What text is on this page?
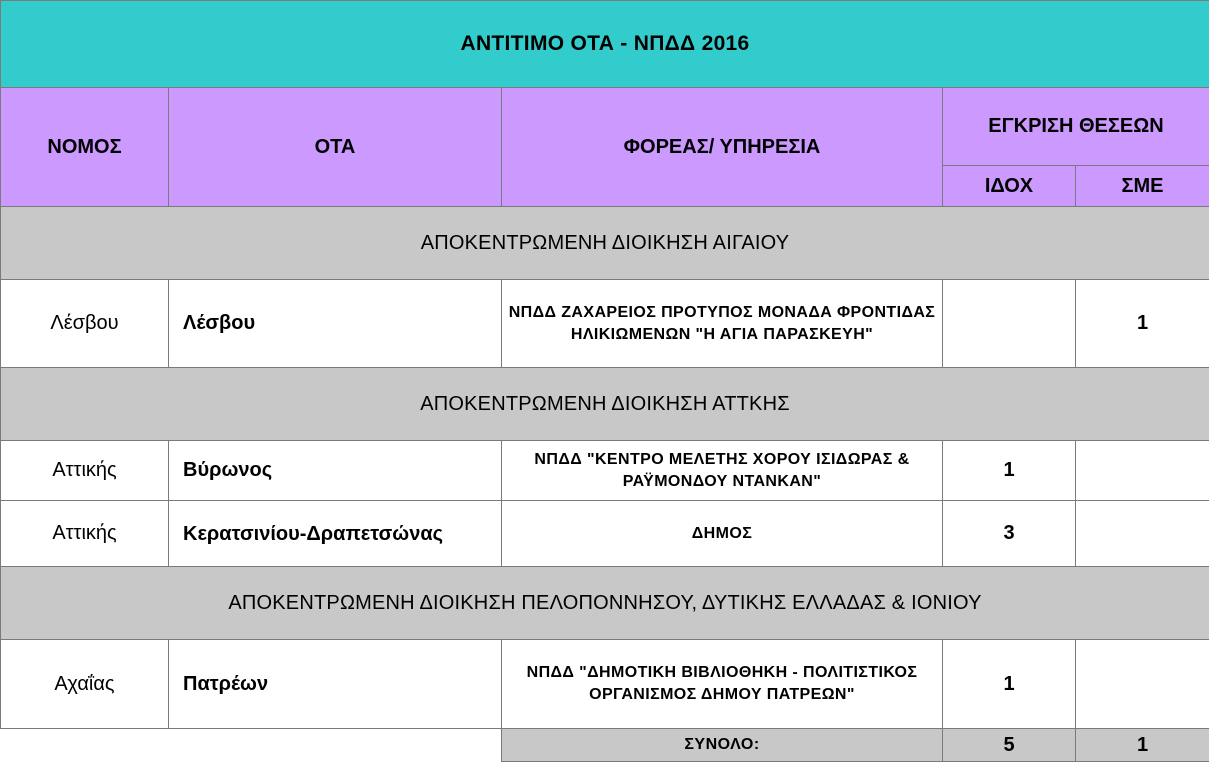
ΑΝΤΙΤΙΜΟ ΟΤΑ - ΝΠΔΔ 2016				
ΝΟΜΟΣ	ΟΤΑ	ΦΟΡΕΑΣ/ ΥΠΗΡΕΣΙΑ	ΕΓΚΡΙΣΗ ΘΕΣΕΩΝ	
			ΙΔΟΧ	ΣΜΕ
ΑΠΟΚΕΝΤΡΩΜΕΝΗ ΔΙΟΙΚΗΣΗ ΑΙΓΑΙΟΥ				
Λέσβου	Λέσβου	ΝΠΔΔ ΖΑΧΑΡΕΙΟΣ ΠΡΟΤΥΠΟΣ ΜΟΝΑΔΑ ΦΡΟΝΤΙΔΑΣ ΗΛΙΚΙΩΜΕΝΩΝ "Η ΑΓΙΑ ΠΑΡΑΣΚΕΥΗ"		1
ΑΠΟΚΕΝΤΡΩΜΕΝΗ ΔΙΟΙΚΗΣΗ ΑΤΤΚΗΣ				
Αττικής	Βύρωνος	ΝΠΔΔ "ΚΕΝΤΡΟ ΜΕΛΕΤΗΣ ΧΟΡΟΥ ΙΣΙΔΩΡΑΣ & ΡΑΫΜΟΝΔΟΥ ΝΤΑΝΚΑΝ"	1	
Αττικής	Κερατσινίου-Δραπετσώνας	ΔΗΜΟΣ	3	
ΑΠΟΚΕΝΤΡΩΜΕΝΗ ΔΙΟΙΚΗΣΗ ΠΕΛΟΠΟΝΝΗΣΟΥ, ΔΥΤΙΚΗΣ ΕΛΛΑΔΑΣ & ΙΟΝΙΟΥ				
Αχαΐας	Πατρέων	ΝΠΔΔ "ΔΗΜΟΤΙΚΗ ΒΙΒΛΙΟΘΗΚΗ - ΠΟΛΙΤΙΣΤΙΚΟΣ ΟΡΓΑΝΙΣΜΟΣ ΔΗΜΟΥ ΠΑΤΡΕΩΝ"	1	
		ΣΥΝΟΛΟ:	5	1
